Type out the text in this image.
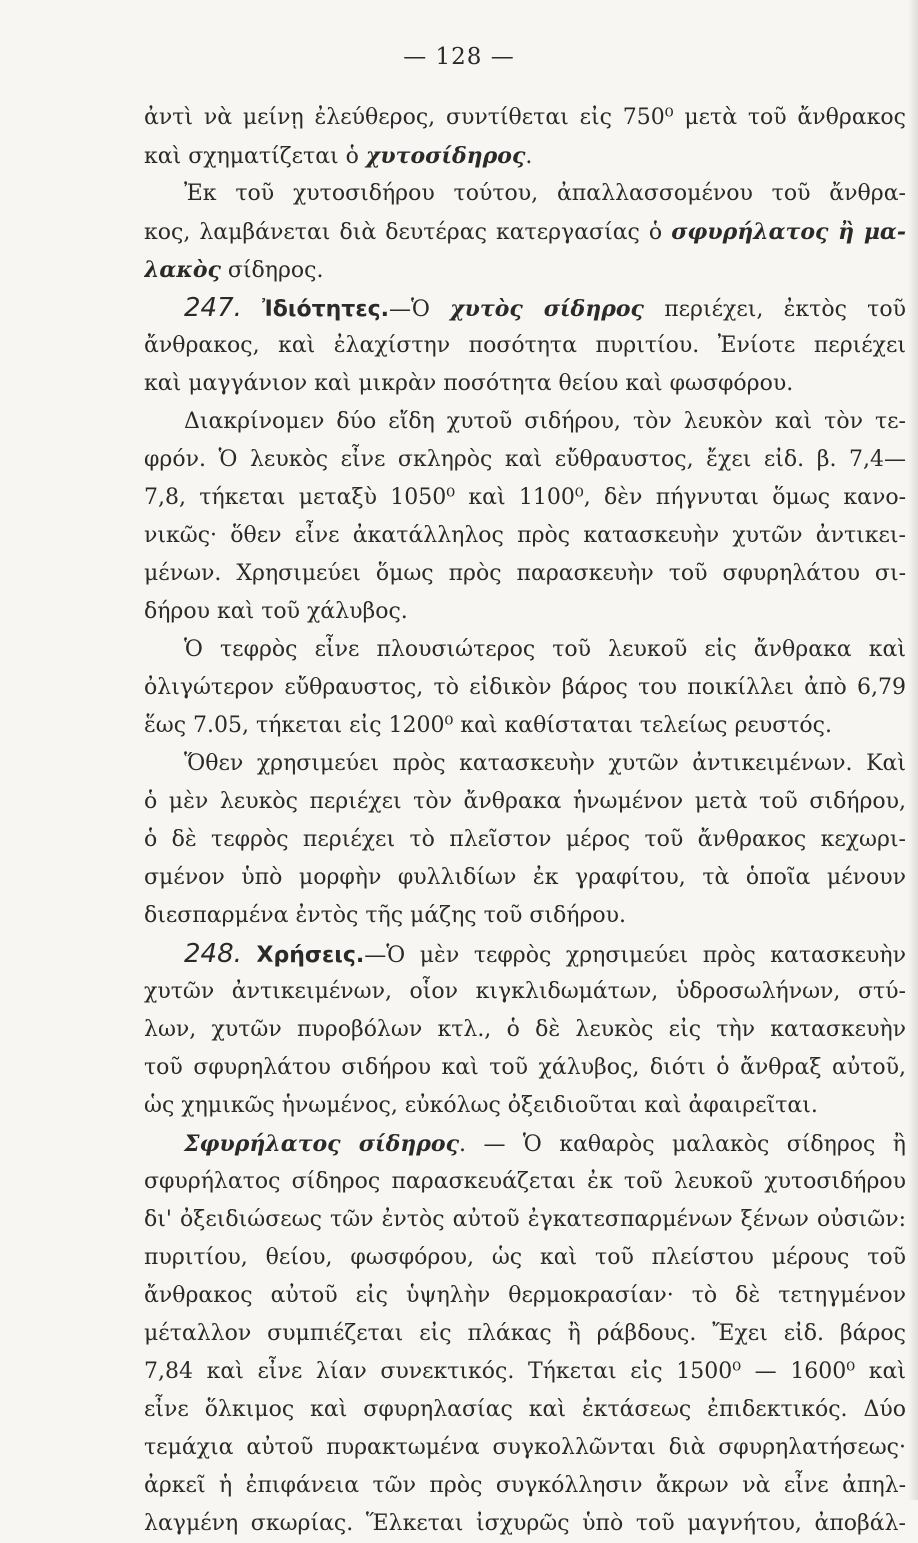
— 128 —
ἀντὶ νὰ μείνῃ ἐλεύθερος, συντίθεται εἰς 750⁰ μετὰ τοῦ ἄνθρακος
καὶ σχηματίζεται ὁ χυτοσίδηρος.
Ἐκ τοῦ χυτοσιδήρου τούτου, ἀπαλλασσομένου τοῦ ἄνθρα-
κος, λαμβάνεται διὰ δευτέρας κατεργασίας ὁ σφυρήλατος ἢ μα-
λακὸς σίδηρος.
247. Ἰδιότητες.—Ὁ χυτὸς σίδηρος περιέχει, ἐκτὸς τοῦ
ἄνθρακος, καὶ ἐλαχίστην ποσότητα πυριτίου. Ἐνίοτε περιέχει
καὶ μαγγάνιον καὶ μικρὰν ποσότητα θείου καὶ φωσφόρου.
Διακρίνομεν δύο εἴδη χυτοῦ σιδήρου, τὸν λευκὸν καὶ τὸν τε-
φρόν. Ὁ λευκὸς εἶνε σκληρὸς καὶ εὔθραυστος, ἔχει εἰδ. β. 7,4—
7,8, τήκεται μεταξὺ 1050⁰ καὶ 1100⁰, δὲν πήγνυται ὅμως κανο-
νικῶς· ὅθεν εἶνε ἀκατάλληλος πρὸς κατασκευὴν χυτῶν ἀντικει-
μένων. Χρησιμεύει ὅμως πρὸς παρασκευὴν τοῦ σφυρηλάτου σι-
δήρου καὶ τοῦ χάλυβος.
Ὁ τεφρὸς εἶνε πλουσιώτερος τοῦ λευκοῦ εἰς ἄνθρακα καὶ
ὀλιγώτερον εὔθραυστος, τὸ εἰδικὸν βάρος του ποικίλλει ἀπὸ 6,79
ἕως 7.05, τήκεται εἰς 1200⁰ καὶ καθίσταται τελείως ρευστός.
Ὅθεν χρησιμεύει πρὸς κατασκευὴν χυτῶν ἀντικειμένων. Καὶ
ὁ μὲν λευκὸς περιέχει τὸν ἄνθρακα ἡνωμένον μετὰ τοῦ σιδήρου,
ὁ δὲ τεφρὸς περιέχει τὸ πλεῖστον μέρος τοῦ ἄνθρακος κεχωρι-
σμένον ὑπὸ μορφὴν φυλλιδίων ἐκ γραφίτου, τὰ ὁποῖα μένουν
διεσπαρμένα ἐντὸς τῆς μάζης τοῦ σιδήρου.
248. Χρήσεις.—Ὁ μὲν τεφρὸς χρησιμεύει πρὸς κατασκευὴν
χυτῶν ἀντικειμένων, οἷον κιγκλιδωμάτων, ὑδροσωλήνων, στύ-
λων, χυτῶν πυροβόλων κτλ., ὁ δὲ λευκὸς εἰς τὴν κατασκευὴν
τοῦ σφυρηλάτου σιδήρου καὶ τοῦ χάλυβος, διότι ὁ ἄνθραξ αὐτοῦ,
ὡς χημικῶς ἡνωμένος, εὐκόλως ὀξειδιοῦται καὶ ἀφαιρεῖται.
Σφυρήλατος σίδηρος. — Ὁ καθαρὸς μαλακὸς σίδηρος ἢ
σφυρήλατος σίδηρος παρασκευάζεται ἐκ τοῦ λευκοῦ χυτοσιδήρου
δι' ὀξειδιώσεως τῶν ἐντὸς αὐτοῦ ἐγκατεσπαρμένων ξένων οὐσιῶν:
πυριτίου, θείου, φωσφόρου, ὡς καὶ τοῦ πλείστου μέρους τοῦ
ἄνθρακος αὐτοῦ εἰς ὑψηλὴν θερμοκρασίαν· τὸ δὲ τετηγμένον
μέταλλον συμπιέζεται εἰς πλάκας ἢ ράβδους. Ἔχει εἰδ. βάρος
7,84 καὶ εἶνε λίαν συνεκτικός. Τήκεται εἰς 1500⁰ — 1600⁰ καὶ
εἶνε ὅλκιμος καὶ σφυρηλασίας καὶ ἐκτάσεως ἐπιδεκτικός. Δύο
τεμάχια αὐτοῦ πυρακτωμένα συγκολλῶνται διὰ σφυρηλατήσεως·
ἀρκεῖ ἡ ἐπιφάνεια τῶν πρὸς συγκόλλησιν ἄκρων νὰ εἶνε ἀπηλ-
λαγμένη σκωρίας. Ἕλκεται ἰσχυρῶς ὑπὸ τοῦ μαγνήτου, ἀποβάλ-
